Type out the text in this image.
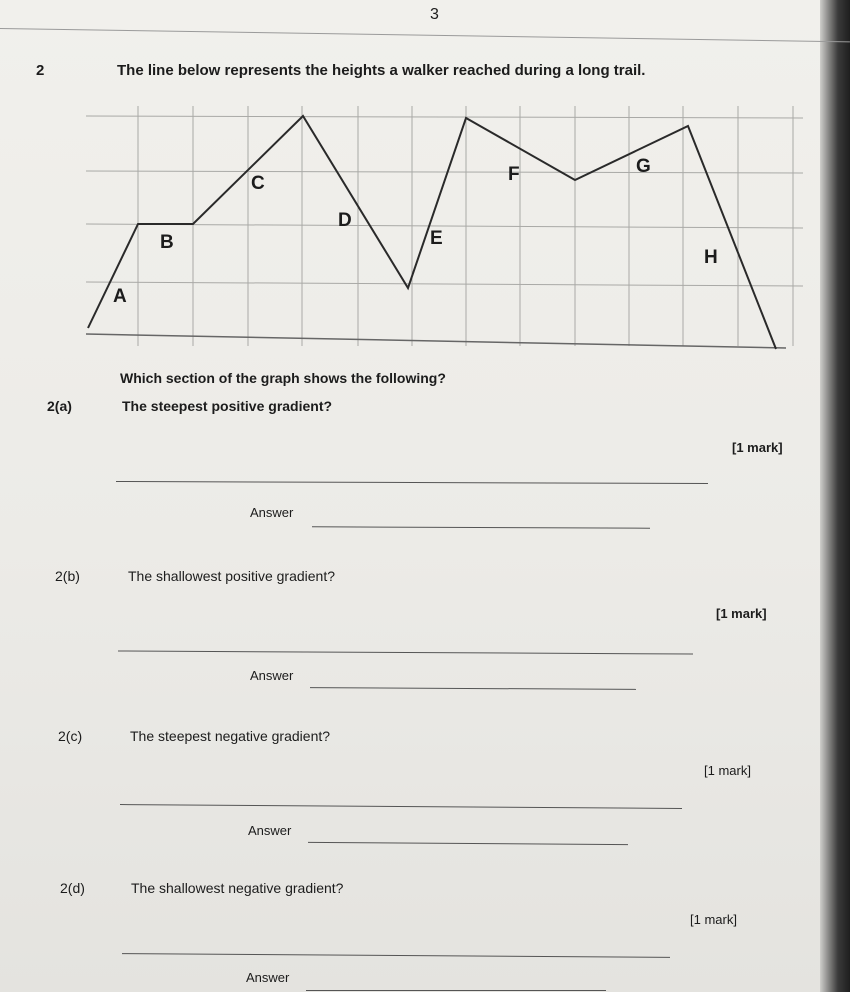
3
2	The line below represents the heights a walker reached during a long trail.
A
B
C
D
E
F	G
H
Which section of the graph shows the following?
2(a)	The steepest positive gradient?
[1 mark]
Answer
2(b)	The shallowest positive gradient?
[1 mark]
Answer
2(c)	The steepest negative gradient?
[1 mark]
Answer
2(d)	The shallowest negative gradient?
[1 mark]
Answer
